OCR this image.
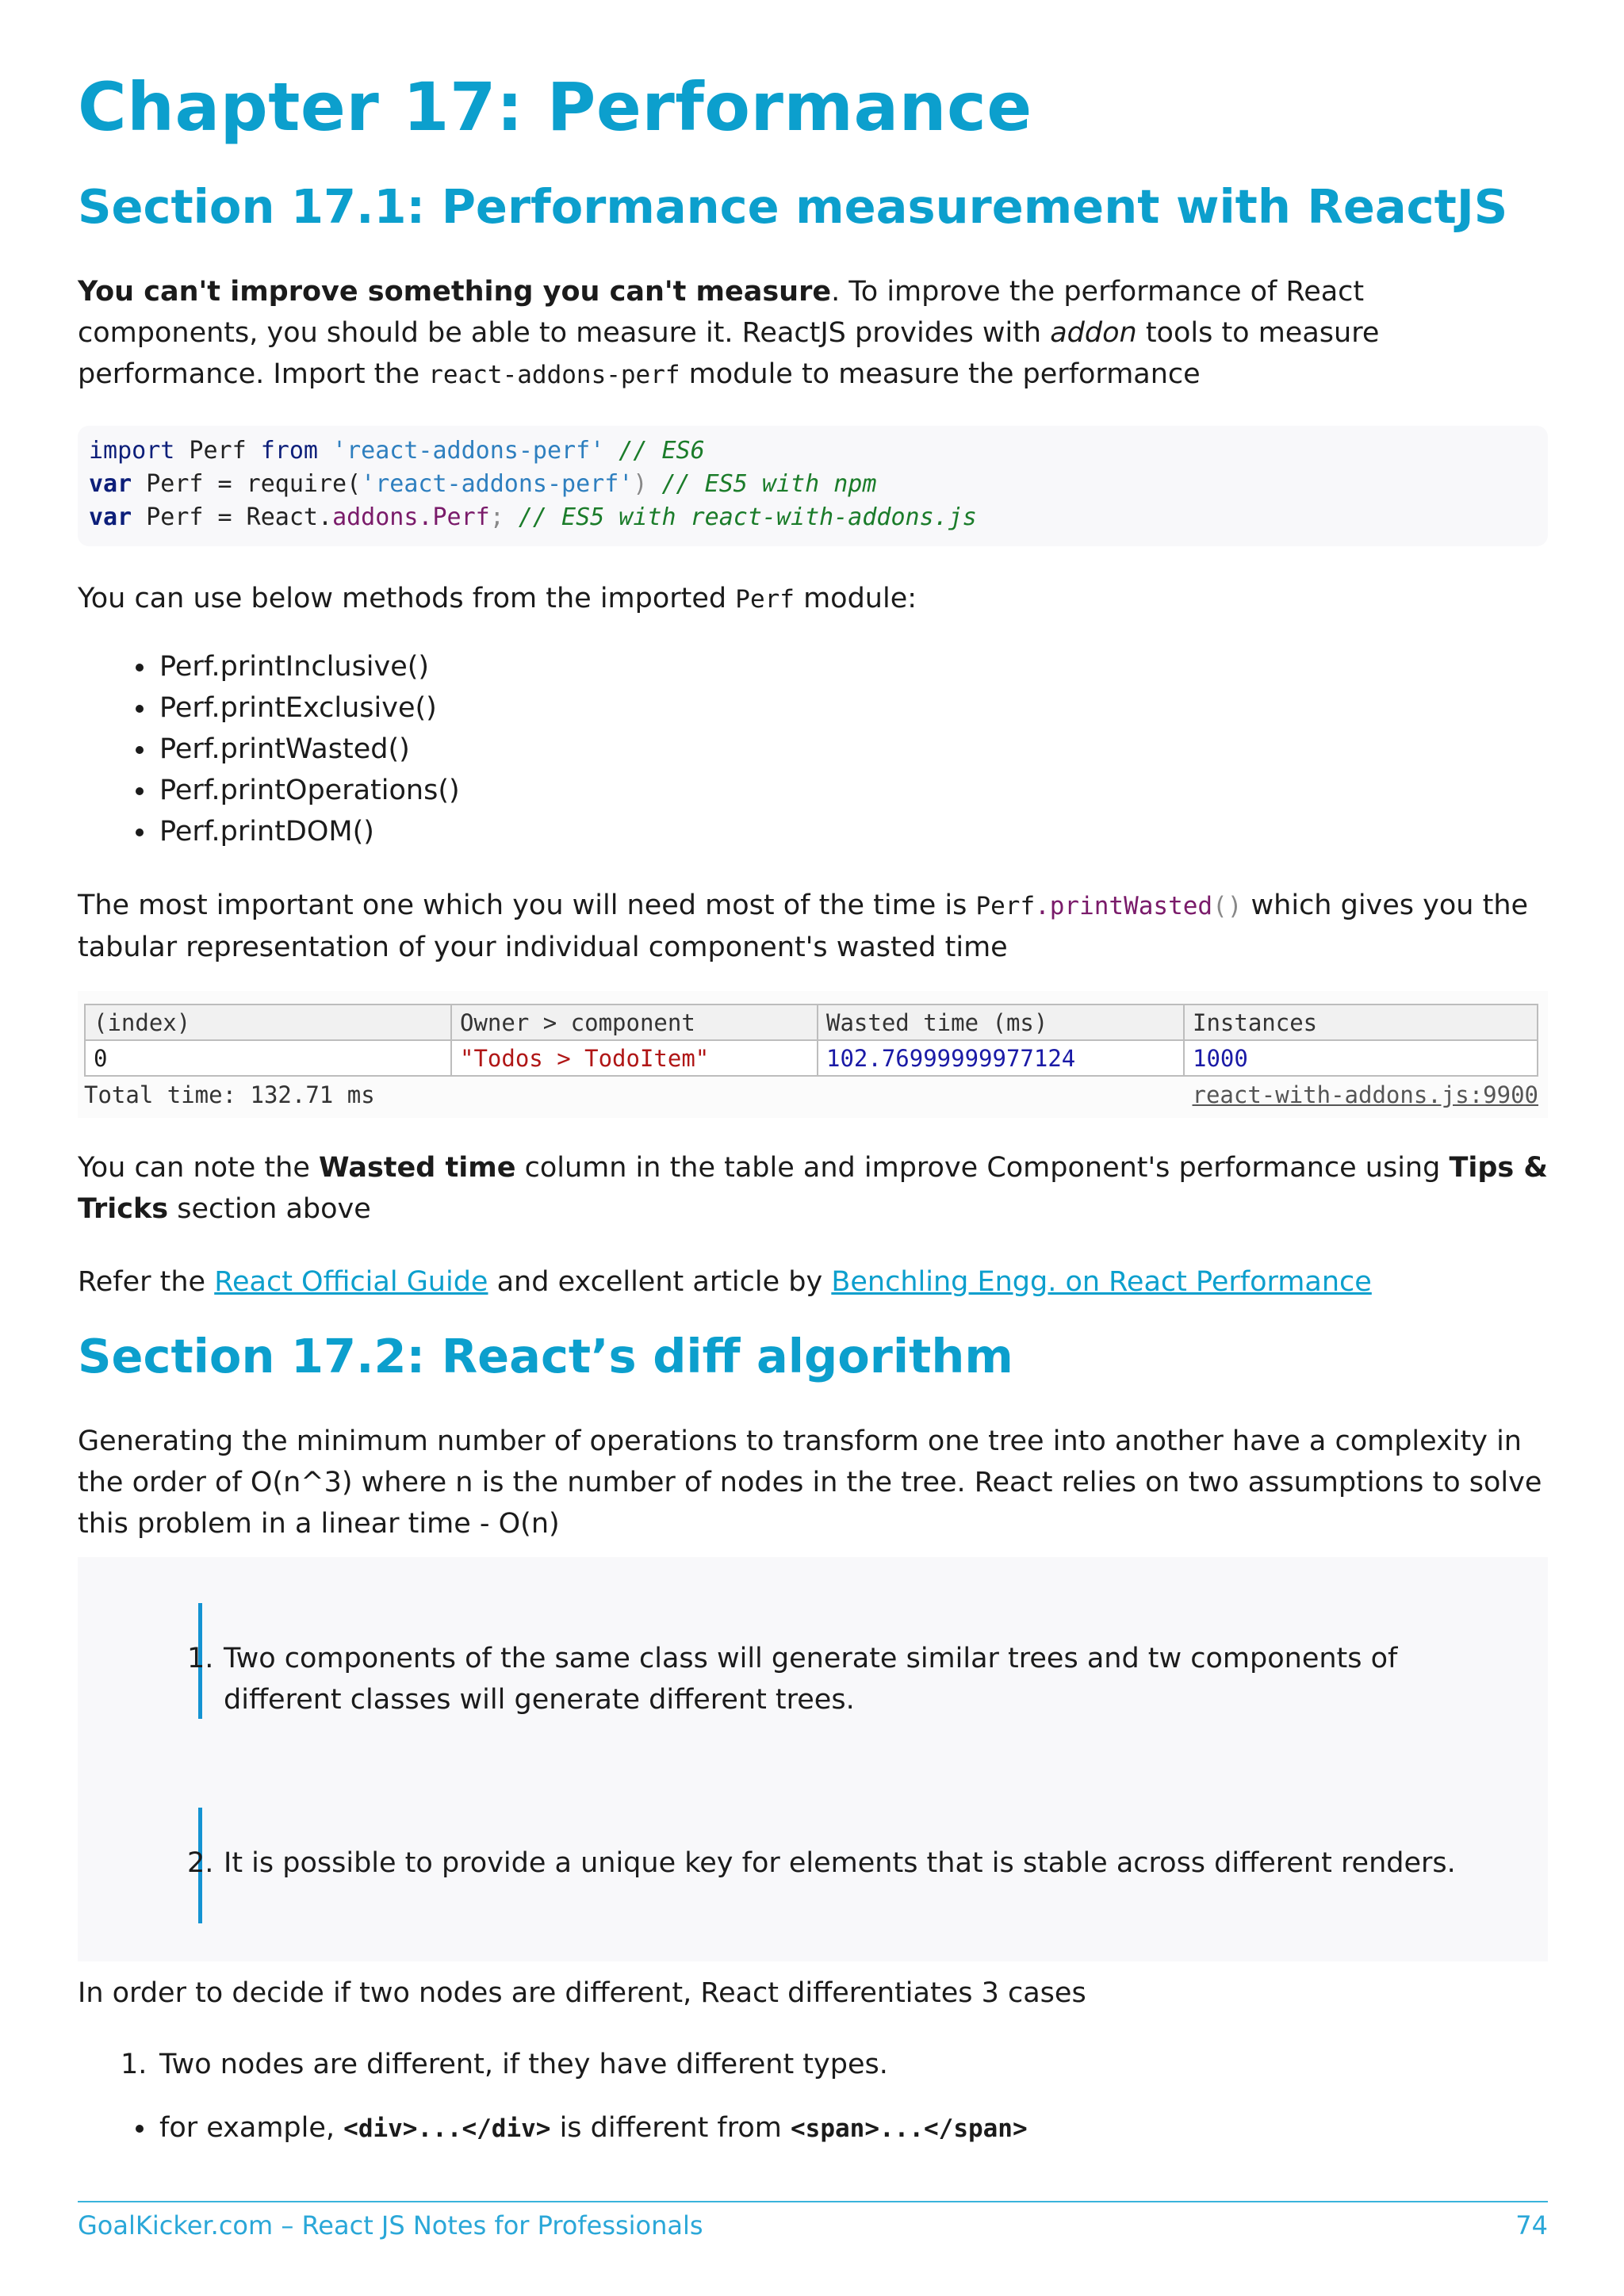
Chapter 17: Performance
Section 17.1: Performance measurement with ReactJS

You can't improve something you can't measure. To improve the performance of React components, you should be able to measure it. ReactJS provides with addon tools to measure performance. Import the react-addons-perf module to measure the performance

import Perf from 'react-addons-perf' // ES6
var Perf = require('react-addons-perf') // ES5 with npm
var Perf = React.addons.Perf; // ES5 with react-with-addons.js

You can use below methods from the imported Perf module:

Perf.printInclusive()
Perf.printExclusive()
Perf.printWasted()
Perf.printOperations()
Perf.printDOM()

The most important one which you will need most of the time is Perf.printWasted() which gives you the tabular representation of your individual component's wasted time

(index)	Owner > component	Wasted time (ms)	Instances
0	"Todos > TodoItem"	102.76999999977124	1000
Total time: 132.71 ms	react-with-addons.js:9900

You can note the Wasted time column in the table and improve Component's performance using Tips & Tricks section above

Refer the React Official Guide and excellent article by Benchling Engg. on React Performance

Section 17.2: React’s diff algorithm

Generating the minimum number of operations to transform one tree into another have a complexity in the order of O(n^3) where n is the number of nodes in the tree. React relies on two assumptions to solve this problem in a linear time - O(n)

1. Two components of the same class will generate similar trees and tw components of different classes will generate different trees.
2. It is possible to provide a unique key for elements that is stable across different renders.

In order to decide if two nodes are different, React differentiates 3 cases

1. Two nodes are different, if they have different types.
for example, <div>...</div> is different from <span>...</span>
GoalKicker.com – React JS Notes for Professionals	74
